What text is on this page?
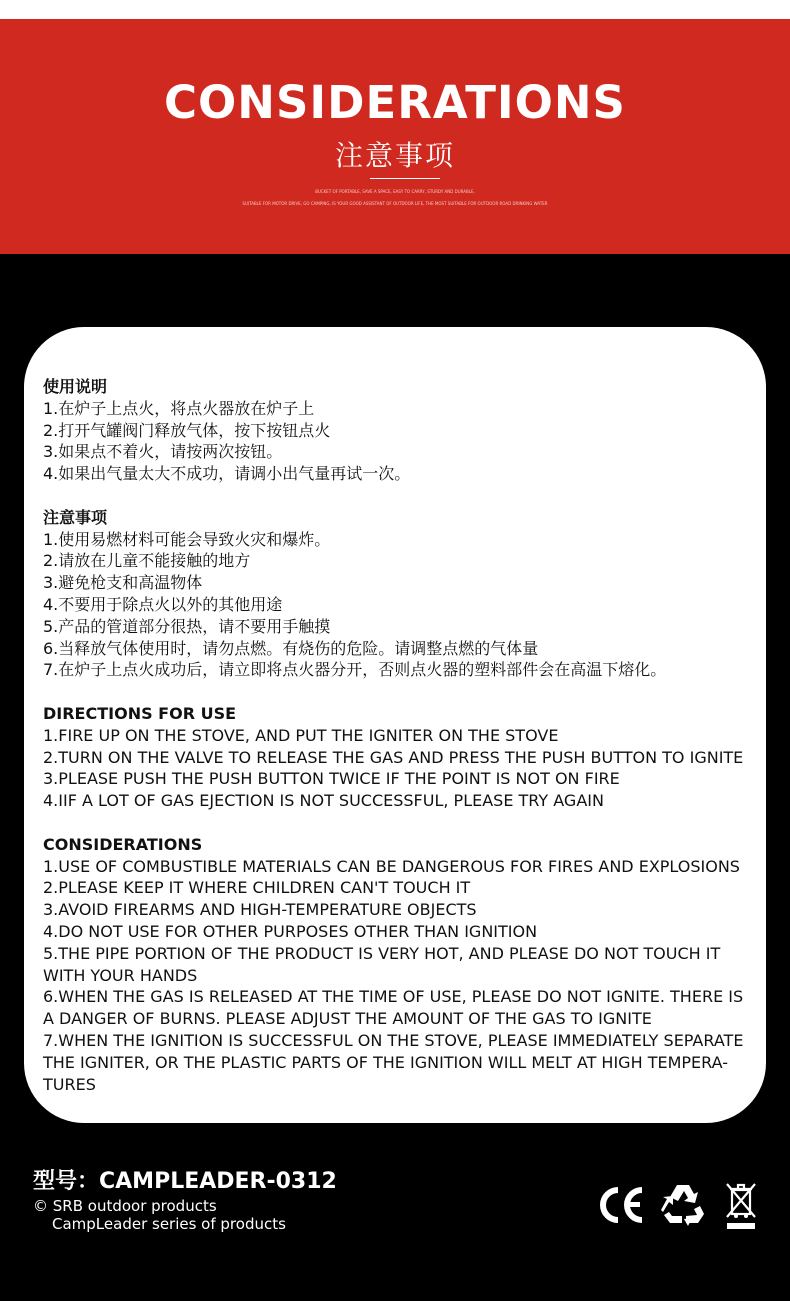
CONSIDERATIONS
注意事项
BUCKET OF PORTABLE, SAVE A SPACE, EASY TO CARRY, STURDY AND DURABLE,
SUITABLE FOR MOTOR DRIVE, GO CAMPING, IS YOUR GOOD ASSISTANT OF OUTDOOR LIFE, THE MOST SUITABLE FOR OUTDOOR ROAD DRINKING WATER
使用说明
1.在炉子上点火，将点火器放在炉子上
2.打开气罐阀门释放气体，按下按钮点火
3.如果点不着火，请按两次按钮。
4.如果出气量太大不成功，请调小出气量再试一次。
注意事项
1.使用易燃材料可能会导致火灾和爆炸。
2.请放在儿童不能接触的地方
3.避免枪支和高温物体
4.不要用于除点火以外的其他用途
5.产品的管道部分很热，请不要用手触摸
6.当释放气体使用时，请勿点燃。有烧伤的危险。请调整点燃的气体量
7.在炉子上点火成功后，请立即将点火器分开，否则点火器的塑料部件会在高温下熔化。
DIRECTIONS FOR USE
1.FIRE UP ON THE STOVE, AND PUT THE IGNITER ON THE STOVE
2.TURN ON THE VALVE TO RELEASE THE GAS AND PRESS THE PUSH BUTTON TO IGNITE
3.PLEASE PUSH THE PUSH BUTTON TWICE IF THE POINT IS NOT ON FIRE
4.IIF A LOT OF GAS EJECTION IS NOT SUCCESSFUL, PLEASE TRY AGAIN
CONSIDERATIONS
1.USE OF COMBUSTIBLE MATERIALS CAN BE DANGEROUS FOR FIRES AND EXPLOSIONS
2.PLEASE KEEP IT WHERE CHILDREN CAN'T TOUCH IT
3.AVOID FIREARMS AND HIGH-TEMPERATURE OBJECTS
4.DO NOT USE FOR OTHER PURPOSES OTHER THAN IGNITION
5.THE PIPE PORTION OF THE PRODUCT IS VERY HOT, AND PLEASE DO NOT TOUCH IT WITH YOUR HANDS
6.WHEN THE GAS IS RELEASED AT THE TIME OF USE, PLEASE DO NOT IGNITE. THERE IS A DANGER OF BURNS. PLEASE ADJUST THE AMOUNT OF THE GAS TO IGNITE
7.WHEN THE IGNITION IS SUCCESSFUL ON THE STOVE, PLEASE IMMEDIATELY SEPARATE THE IGNITER, OR THE PLASTIC PARTS OF THE IGNITION WILL MELT AT HIGH TEMPERA-TURES
型号：CAMPLEADER-0312
© SRB outdoor products
CampLeader series of products
